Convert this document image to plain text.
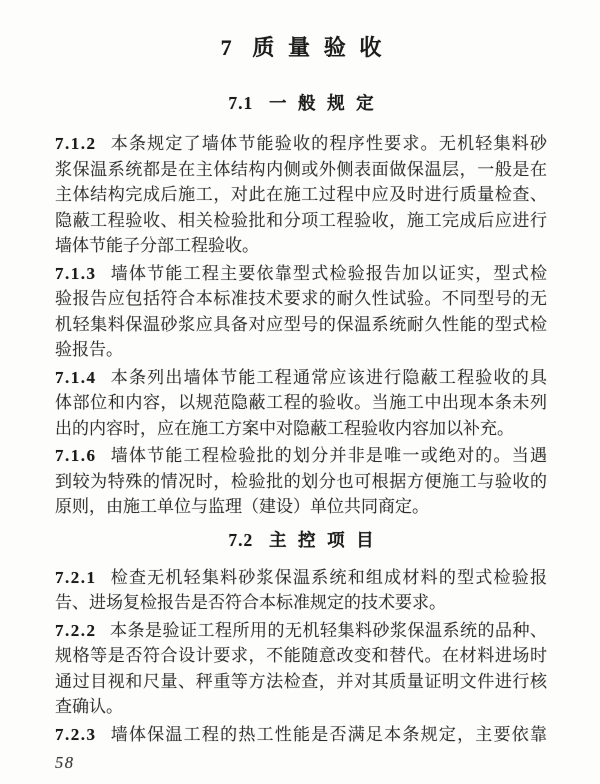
7 质量验收
7.1 一般规定
7.1.2 本条规定了墙体节能验收的程序性要求。无机轻集料砂
浆保温系统都是在主体结构内侧或外侧表面做保温层，一般是在
主体结构完成后施工，对此在施工过程中应及时进行质量检查、
隐蔽工程验收、相关检验批和分项工程验收，施工完成后应进行
墙体节能子分部工程验收。
7.1.3 墙体节能工程主要依靠型式检验报告加以证实，型式检
验报告应包括符合本标准技术要求的耐久性试验。不同型号的无
机轻集料保温砂浆应具备对应型号的保温系统耐久性能的型式检
验报告。
7.1.4 本条列出墙体节能工程通常应该进行隐蔽工程验收的具
体部位和内容，以规范隐蔽工程的验收。当施工中出现本条未列
出的内容时，应在施工方案中对隐蔽工程验收内容加以补充。
7.1.6 墙体节能工程检验批的划分并非是唯一或绝对的。当遇
到较为特殊的情况时，检验批的划分也可根据方便施工与验收的
原则，由施工单位与监理（建设）单位共同商定。
7.2 主控项目
7.2.1 检查无机轻集料砂浆保温系统和组成材料的型式检验报
告、进场复检报告是否符合本标准规定的技术要求。
7.2.2 本条是验证工程所用的无机轻集料砂浆保温系统的品种、
规格等是否符合设计要求，不能随意改变和替代。在材料进场时
通过目视和尺量、秤重等方法检查，并对其质量证明文件进行核
查确认。
7.2.3 墙体保温工程的热工性能是否满足本条规定，主要依靠
58
